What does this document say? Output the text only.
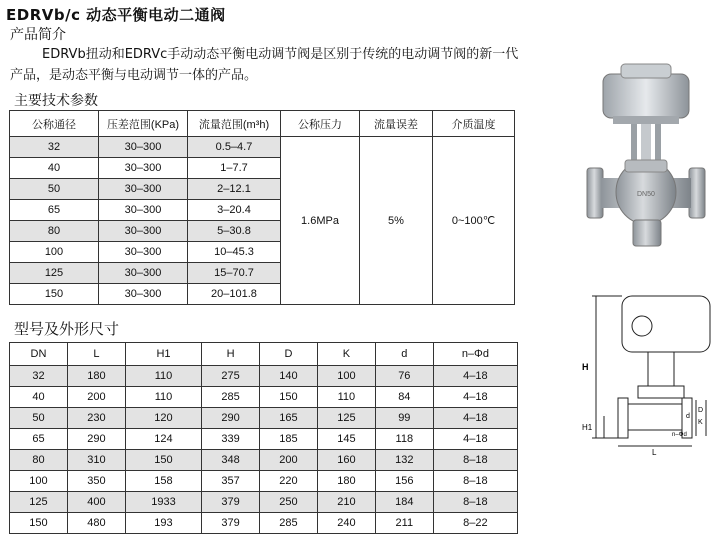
EDRVb/c 动态平衡电动二通阀
产品简介
EDRVb扭动和EDRVc手动动态平衡电动调节阀是区别于传统的电动调节阀的新一代产品，是动态平衡与电动调节一体的产品。
主要技术参数
公称通径	压差范围(KPa)	流量范围(m³h)	公称压力	流量误差	介质温度
32	30–300	0.5–4.7	1.6MPa	5%	0~100℃
40	30–300	1–7.7			
50	30–300	2–12.1			
65	30–300	3–20.4			
80	30–300	5–30.8			
100	30–300	10–45.3			
125	30–300	15–70.7			
150	30–300	20–101.8			
型号及外形尺寸
DN	L	H1	H	D	K	d	n–Φd
32	180	110	275	140	100	76	4–18
40	200	110	285	150	110	84	4–18
50	230	120	290	165	125	99	4–18
65	290	124	339	185	145	118	4–18
80	310	150	348	200	160	132	8–18
100	350	158	357	220	180	156	8–18
125	400	1933	379	250	210	184	8–18
150	480	193	379	285	240	211	8–22
DN50
H
H1
L
D
K
d
n–Φd
